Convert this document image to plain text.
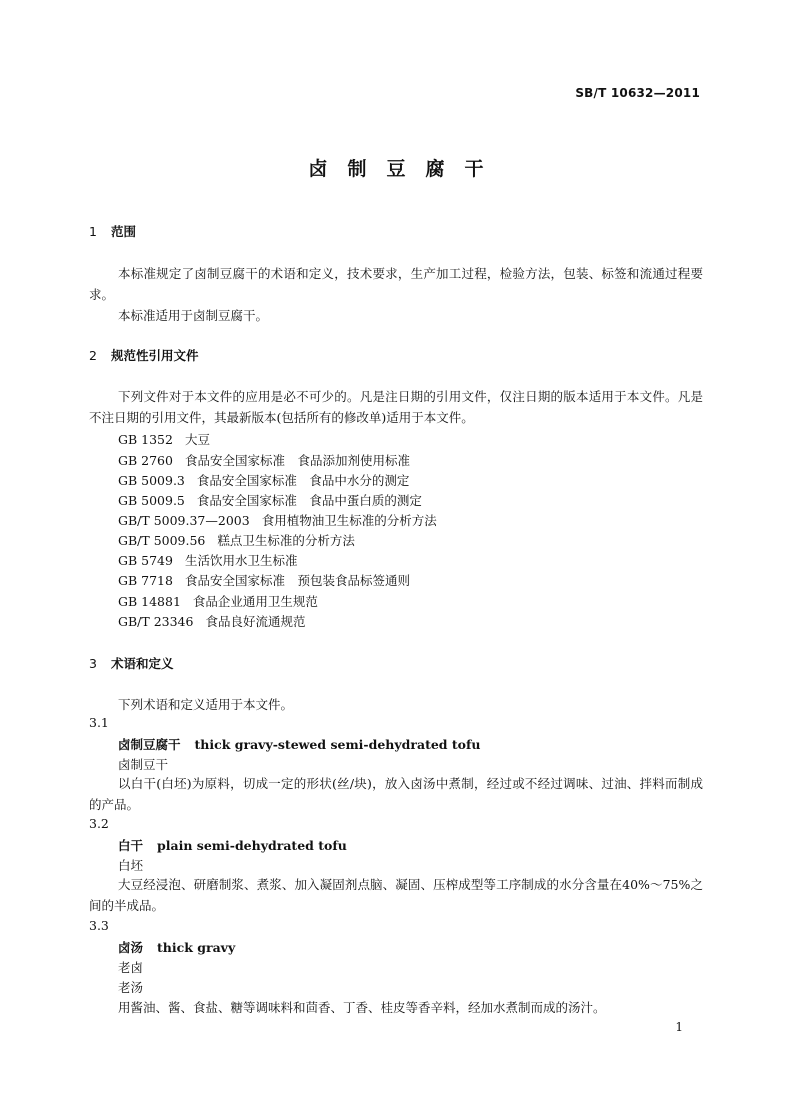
SB/T 10632—2011
卤制豆腐干
1 范围
本标准规定了卤制豆腐干的术语和定义，技术要求，生产加工过程，检验方法，包装、标签和流通过程要求。
本标准适用于卤制豆腐干。
2 规范性引用文件
下列文件对于本文件的应用是必不可少的。凡是注日期的引用文件，仅注日期的版本适用于本文件。凡是不注日期的引用文件，其最新版本(包括所有的修改单)适用于本文件。
GB 1352 大豆
GB 2760 食品安全国家标准　食品添加剂使用标准
GB 5009.3 食品安全国家标准　食品中水分的测定
GB 5009.5 食品安全国家标准　食品中蛋白质的测定
GB/T 5009.37—2003 食用植物油卫生标准的分析方法
GB/T 5009.56 糕点卫生标准的分析方法
GB 5749 生活饮用水卫生标准
GB 7718 食品安全国家标准　预包装食品标签通则
GB 14881 食品企业通用卫生规范
GB/T 23346 食品良好流通规范
3 术语和定义
下列术语和定义适用于本文件。
3.1
卤制豆腐干 thick gravy-stewed semi-dehydrated tofu
卤制豆干
以白干(白坯)为原料，切成一定的形状(丝/块)，放入卤汤中煮制，经过或不经过调味、过油、拌料而制成的产品。
3.2
白干 plain semi-dehydrated tofu
白坯
大豆经浸泡、研磨制浆、煮浆、加入凝固剂点脑、凝固、压榨成型等工序制成的水分含量在40%～75%之间的半成品。
3.3
卤汤 thick gravy
老卤
老汤
用酱油、酱、食盐、糖等调味料和茴香、丁香、桂皮等香辛料，经加水煮制而成的汤汁。
1
